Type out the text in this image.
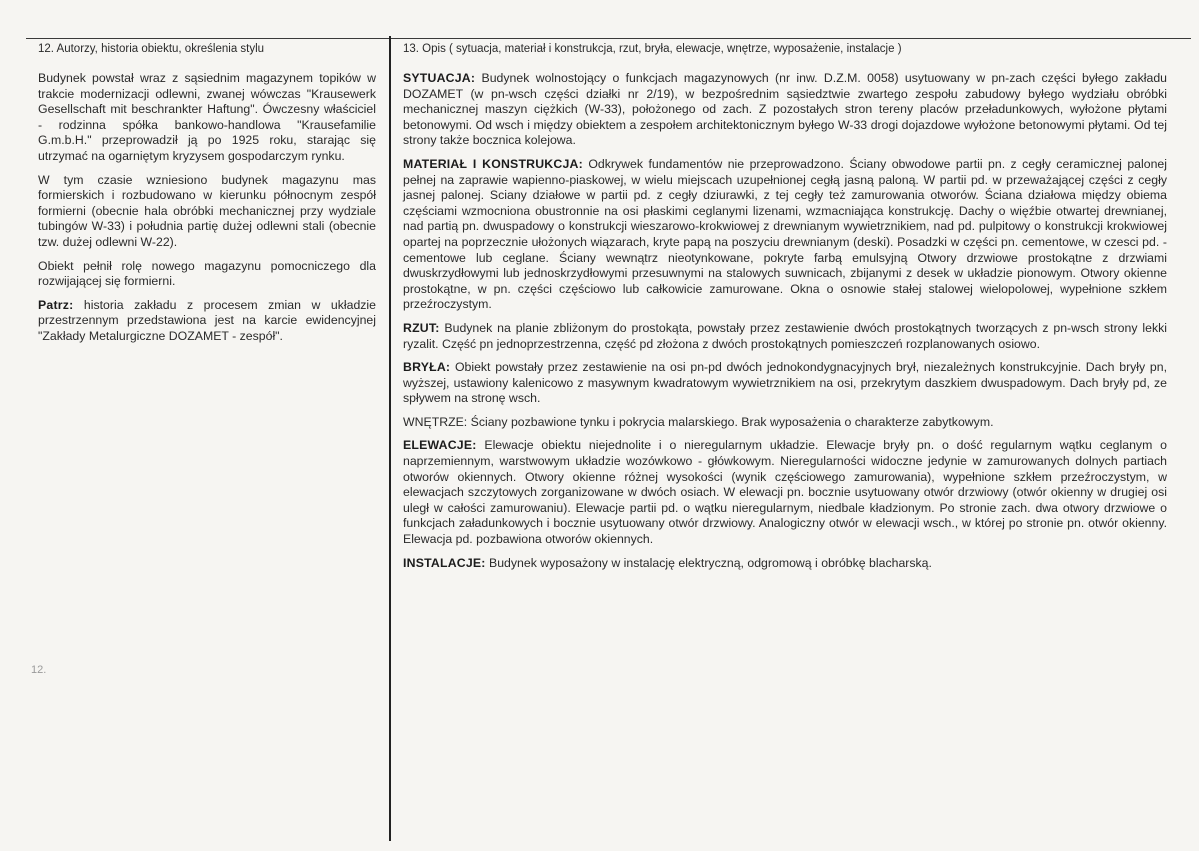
12. Autorzy, historia obiektu, określenia stylu

Budynek powstał wraz z sąsiednim magazynem topików w trakcie modernizacji odlewni, zwanej wówczas "Krausewerk Gesellschaft mit beschrankter Haftung". Ówczesny właściciel - rodzinna spółka bankowo-handlowa "Krausefamilie G.m.b.H." przeprowadził ją po 1925 roku, starając się utrzymać na ogarniętym kryzysem gospodarczym rynku.

W tym czasie wzniesiono budynek magazynu mas formierskich i rozbudowano w kierunku północnym zespół formierni (obecnie hala obróbki mechanicznej przy wydziale tubingów W-33) i południa partię dużej odlewni stali (obecnie tzw. dużej odlewni W-22).

Obiekt pełnił rolę nowego magazynu pomocniczego dla rozwijającej się formierni.

Patrz: historia zakładu z procesem zmian w układzie przestrzennym przedstawiona jest na karcie ewidencyjnej "Zakłady Metalurgiczne DOZAMET - zespół".

13. Opis ( sytuacja, materiał i konstrukcja, rzut, bryła, elewacje, wnętrze, wyposażenie, instalacje )

SYTUACJA: Budynek wolnostojący o funkcjach magazynowych (nr inw. D.Z.M. 0058) usytuowany w pn-zach części byłego zakładu DOZAMET (w pn-wsch części działki nr 2/19), w bezpośrednim sąsiedztwie zwartego zespołu zabudowy byłego wydziału obróbki mechanicznej maszyn ciężkich (W-33), położonego od zach. Z pozostałych stron tereny placów przeładunkowych, wyłożone płytami betonowymi. Od wsch i między obiektem a zespołem architektonicznym byłego W-33 drogi dojazdowe wyłożone betonowymi płytami. Od tej strony także bocznica kolejowa.

MATERIAŁ I KONSTRUKCJA: Odkrywek fundamentów nie przeprowadzono. Ściany obwodowe partii pn. z cegły ceramicznej palonej pełnej na zaprawie wapienno-piaskowej, w wielu miejscach uzupełnionej cegłą jasną paloną. W partii pd. w przeważającej części z cegły jasnej palonej. Sciany działowe w partii pd. z cegły dziurawki, z tej cegły też zamurowania otworów. Ściana działowa między obiema częściami wzmocniona obustronnie na osi płaskimi ceglanymi lizenami, wzmacniająca konstrukcję. Dachy o więźbie otwartej drewnianej, nad partią pn. dwuspadowy o konstrukcji wieszarowo-krokwiowej z drewnianym wywietrznikiem, nad pd. pulpitowy o konstrukcji krokwiowej opartej na poprzecznie ułożonych wiązarach, kryte papą na poszyciu drewnianym (deski). Posadzki w części pn. cementowe, w czesci pd. - cementowe lub ceglane. Ściany wewnątrz nieotynkowane, pokryte farbą emulsyjną Otwory drzwiowe prostokątne z drzwiami dwuskrzydłowymi lub jednoskrzydłowymi przesuwnymi na stalowych suwnicach, zbijanymi z desek w układzie pionowym. Otwory okienne prostokątne, w pn. części częściowo lub całkowicie zamurowane. Okna o osnowie stałej stalowej wielopolowej, wypełnione szkłem przeźroczystym.

RZUT: Budynek na planie zbliżonym do prostokąta, powstały przez zestawienie dwóch prostokątnych tworzących z pn-wsch strony lekki ryzalit. Część pn jednoprzestrzenna, część pd złożona z dwóch prostokątnych pomieszczeń rozplanowanych osiowo.

BRYŁA: Obiekt powstały przez zestawienie na osi pn-pd dwóch jednokondygnacyjnych brył, niezależnych konstrukcyjnie. Dach bryły pn, wyższej, ustawiony kalenicowo z masywnym kwadratowym wywietrznikiem na osi, przekrytym daszkiem dwuspadowym. Dach bryły pd, ze spływem na stronę wsch.

WNĘTRZE: Ściany pozbawione tynku i pokrycia malarskiego. Brak wyposażenia o charakterze zabytkowym.

ELEWACJE: Elewacje obiektu niejednolite i o nieregularnym układzie. Elewacje bryły pn. o dość regularnym wątku ceglanym o naprzemiennym, warstwowym układzie wozówkowo - główkowym. Nieregularności widoczne jedynie w zamurowanych dolnych partiach otworów okiennych. Otwory okienne różnej wysokości (wynik częściowego zamurowania), wypełnione szkłem przeźroczystym, w elewacjach szczytowych zorganizowane w dwóch osiach. W elewacji pn. bocznie usytuowany otwór drzwiowy (otwór okienny w drugiej osi uległ w całości zamurowaniu). Elewacje partii pd. o wątku nieregularnym, niedbale kładzionym. Po stronie zach. dwa otwory drzwiowe o funkcjach załadunkowych i bocznie usytuowany otwór drzwiowy. Analogiczny otwór w elewacji wsch., w której po stronie pn. otwór okienny. Elewacja pd. pozbawiona otworów okiennych.

INSTALACJE: Budynek wyposażony w instalację elektryczną, odgromową i obróbkę blacharską.

12.
